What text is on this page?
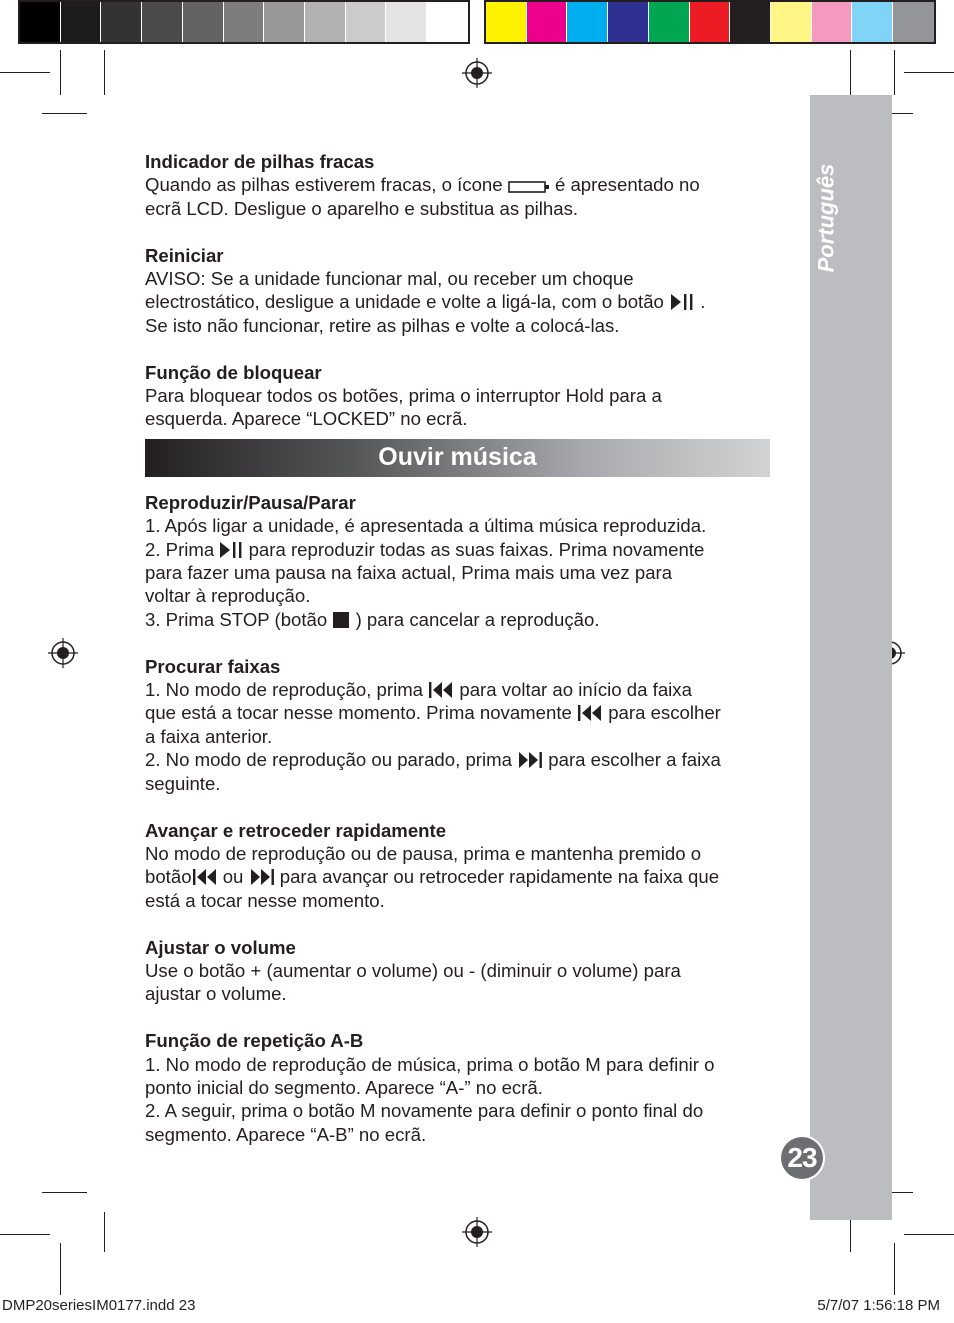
Português
23

Indicador de pilhas fracas

Quando as pilhas estiverem fracas, o ícone	é apresentado no

ecrã LCD. Desligue o aparelho e substitua as pilhas.

Reiniciar

AVISO: Se a unidade funcionar mal, ou receber um choque

electrostático, desligue a unidade e volte a ligá-la, com o botão .

Se isto não funcionar, retire as pilhas e volte a colocá-las.

Função de bloquear

Para bloquear todos os botões, prima o interruptor Hold para a

esquerda. Aparece “LOCKED” no ecrã.

Ouvir música

Reproduzir/Pausa/Parar

1. Após ligar a unidade, é apresentada a última música reproduzida.

2. Prima para reproduzir todas as suas faixas. Prima novamente

para fazer uma pausa na faixa actual, Prima mais uma vez para

voltar à reprodução.

3. Prima STOP (botão ) para cancelar a reprodução.

Procurar faixas

1. No modo de reprodução, prima para voltar ao início da faixa

que está a tocar nesse momento. Prima novamente para escolher

a faixa anterior.

2. No modo de reprodução ou parado, prima para escolher a faixa

seguinte.

Avançar e retroceder rapidamente

No modo de reprodução ou de pausa, prima e mantenha premido o

botão ou para avançar ou retroceder rapidamente na faixa que

está a tocar nesse momento.

Ajustar o volume

Use o botão + (aumentar o volume) ou - (diminuir o volume) para

ajustar o volume.

Função de repetição A-B

1. No modo de reprodução de música, prima o botão M para definir o

ponto inicial do segmento. Aparece “A-” no ecrã.

2. A seguir, prima o botão M novamente para definir o ponto final do

segmento. Aparece “A-B” no ecrã.

DMP20seriesIM0177.indd 23	5/7/07 1:56:18 PM
